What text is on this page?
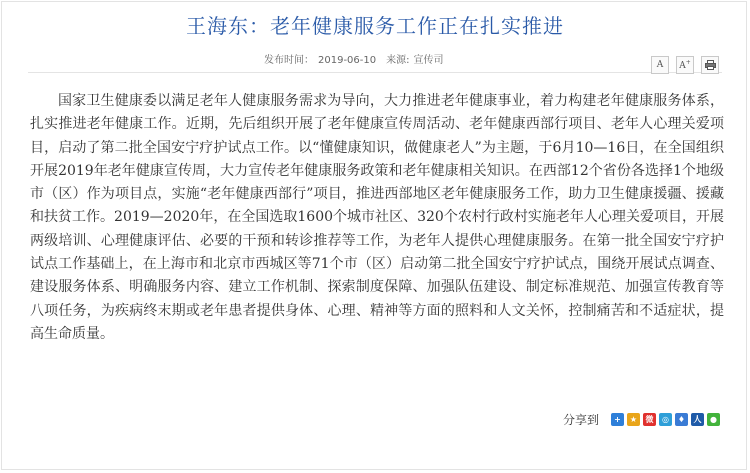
王海东：老年健康服务工作正在扎实推进
发布时间： 2019-06-10 来源: 宣传司	A A+

国家卫生健康委以满足老年人健康服务需求为导向，大力推进老年健康事业，着力构建老年健康服务体系，扎实推进老年健康工作。近期，先后组织开展了老年健康宣传周活动、老年健康西部行项目、老年人心理关爱项目，启动了第二批全国安宁疗护试点工作。以“懂健康知识，做健康老人”为主题，于6月10—16日，在全国组织开展2019年老年健康宣传周，大力宣传老年健康服务政策和老年健康相关知识。在西部12个省份各选择1个地级市（区）作为项目点，实施“老年健康西部行”项目，推进西部地区老年健康服务工作，助力卫生健康援疆、援藏和扶贫工作。2019—2020年，在全国选取1600个城市社区、320个农村行政村实施老年人心理关爱项目，开展两级培训、心理健康评估、必要的干预和转诊推荐等工作，为老年人提供心理健康服务。在第一批全国安宁疗护试点工作基础上，在上海市和北京市西城区等71个市（区）启动第二批全国安宁疗护试点，围绕开展试点调查、建设服务体系、明确服务内容、建立工作机制、探索制度保障、加强队伍建设、制定标准规范、加强宣传教育等八项任务，为疾病终末期或老年患者提供身体、心理、精神等方面的照料和人文关怀，控制痛苦和不适症状，提高生命质量。

分享到	+	★	微	◎	♦	人	●
